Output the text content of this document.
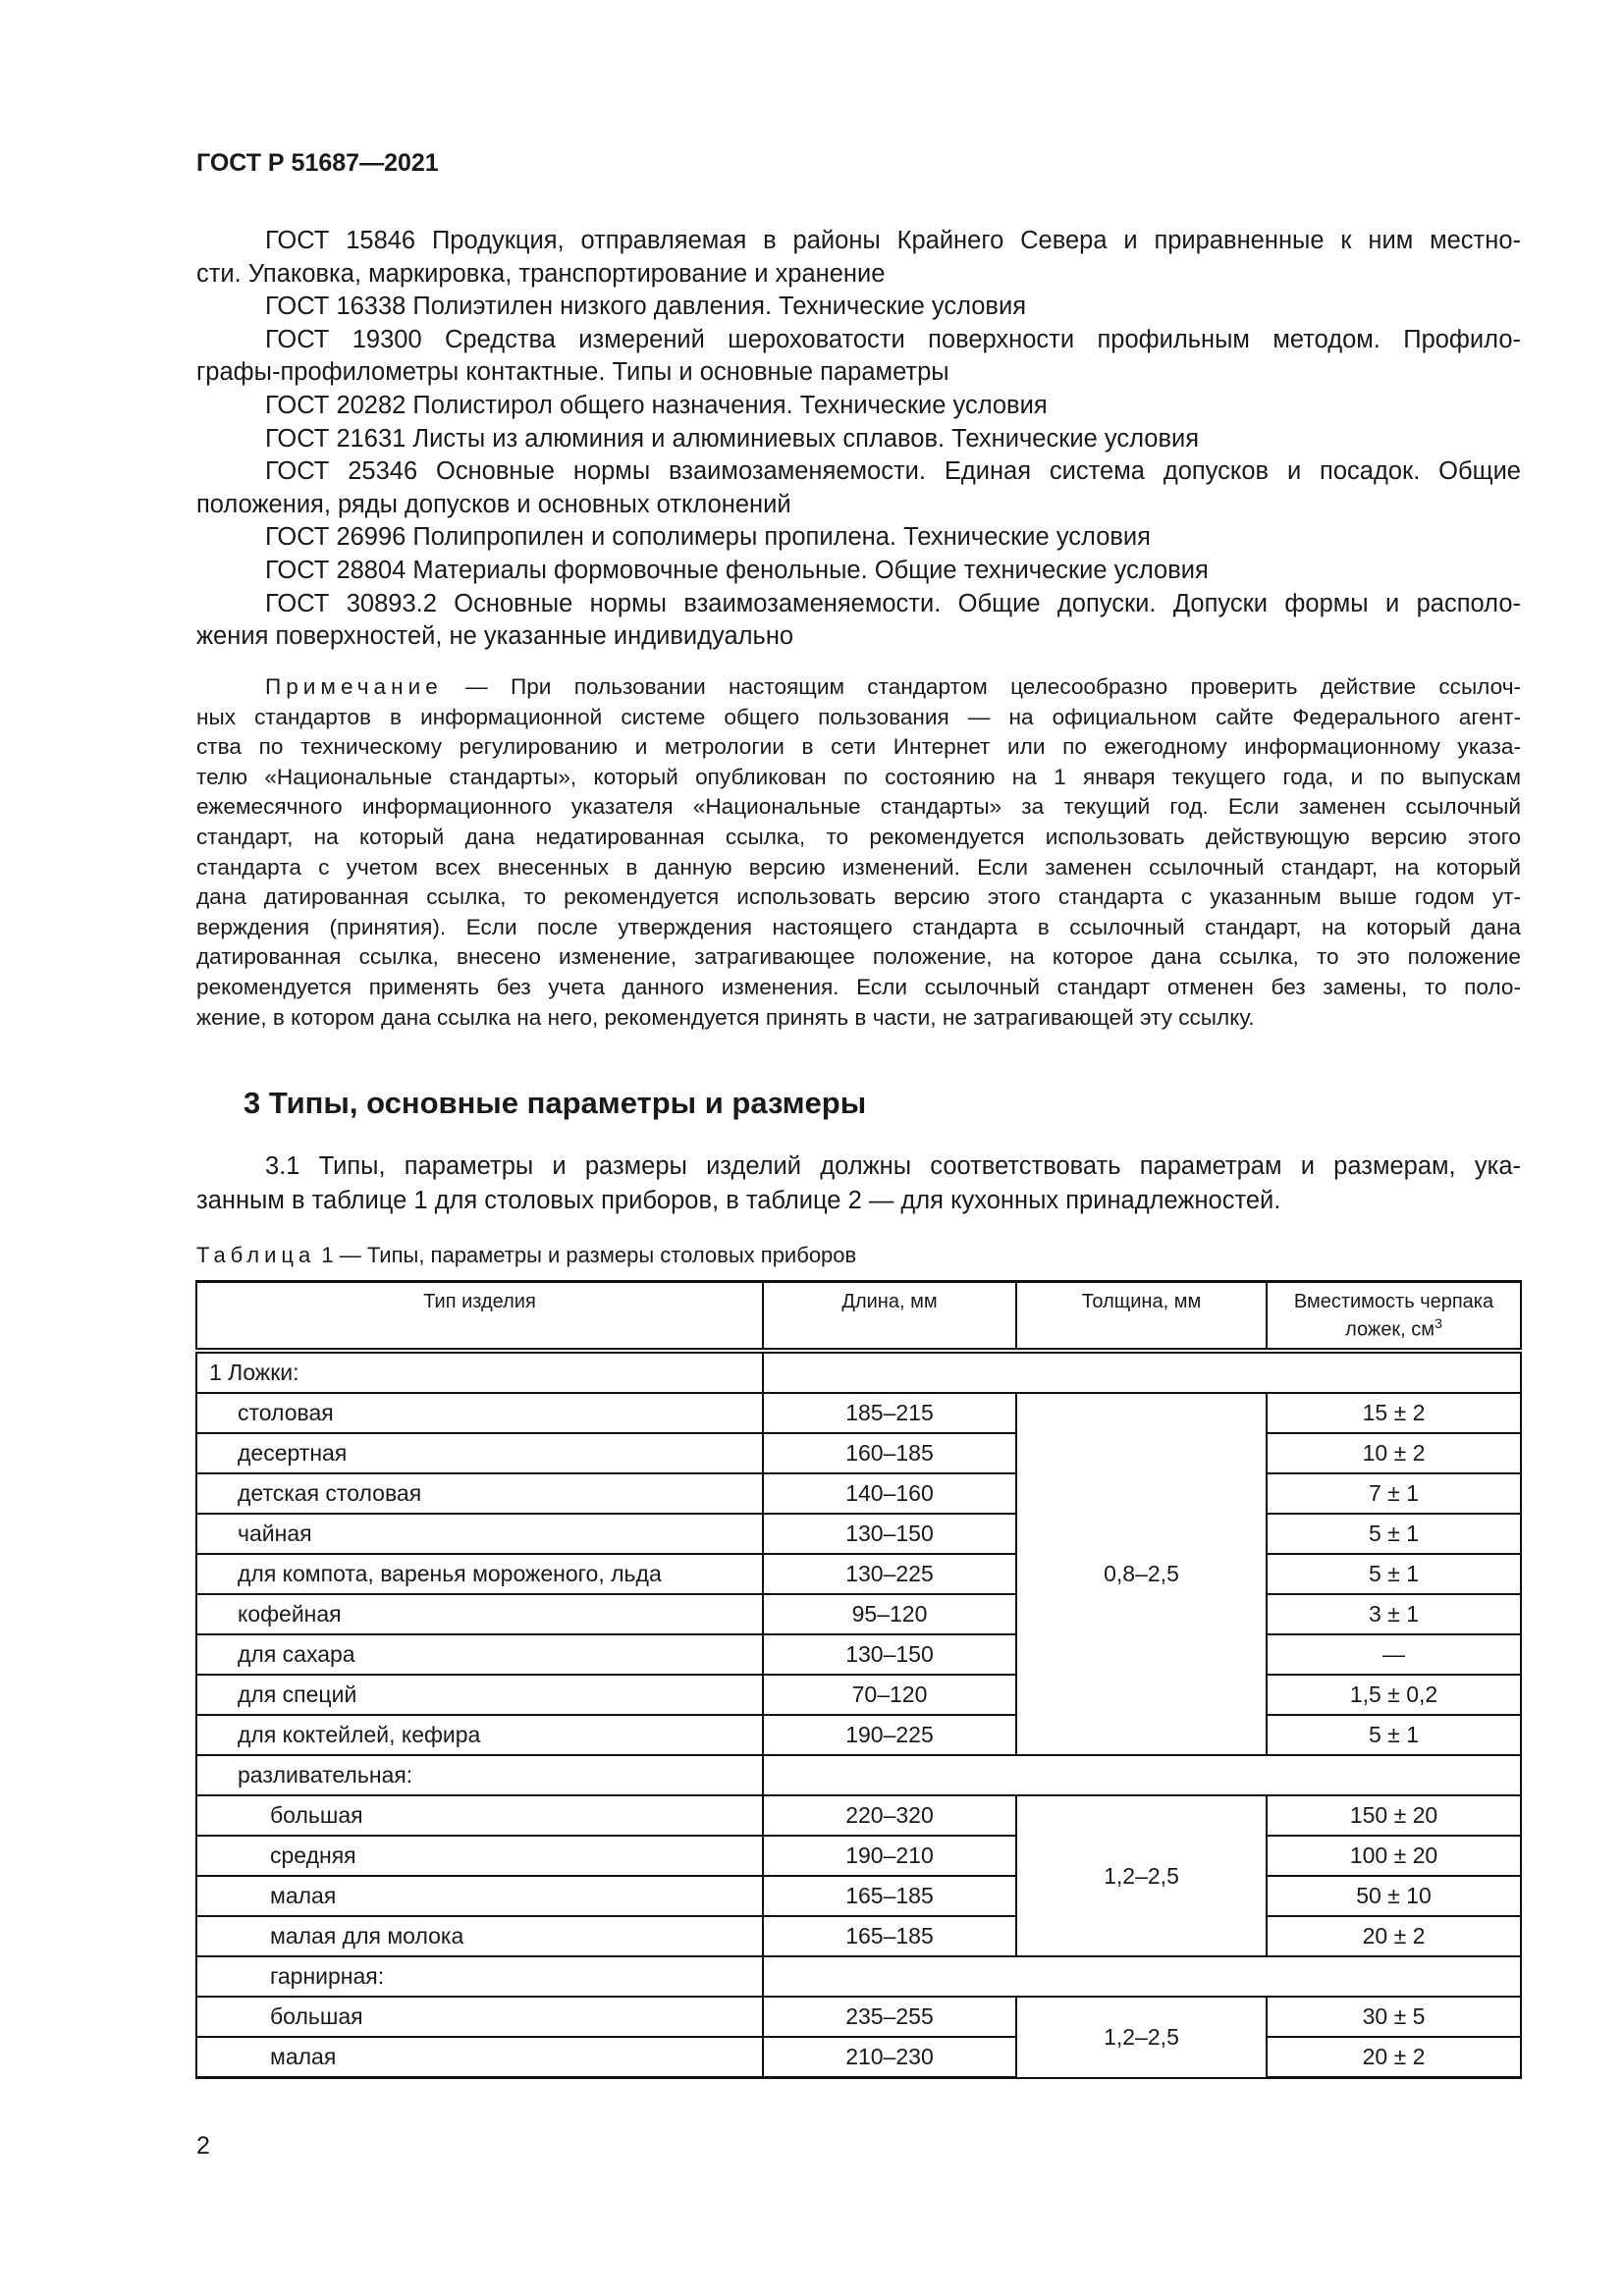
ГОСТ Р 51687—2021
ГОСТ 15846 Продукция, отправляемая в районы Крайнего Севера и приравненные к ним местно-
сти. Упаковка, маркировка, транспортирование и хранение
ГОСТ 16338 Полиэтилен низкого давления. Технические условия
ГОСТ 19300 Средства измерений шероховатости поверхности профильным методом. Профило-
графы-профилометры контактные. Типы и основные параметры
ГОСТ 20282 Полистирол общего назначения. Технические условия
ГОСТ 21631 Листы из алюминия и алюминиевых сплавов. Технические условия
ГОСТ 25346 Основные нормы взаимозаменяемости. Единая система допусков и посадок. Общие
положения, ряды допусков и основных отклонений
ГОСТ 26996 Полипропилен и сополимеры пропилена. Технические условия
ГОСТ 28804 Материалы формовочные фенольные. Общие технические условия
ГОСТ 30893.2 Основные нормы взаимозаменяемости. Общие допуски. Допуски формы и располо-
жения поверхностей, не указанные индивидуально
Примечание — При пользовании настоящим стандартом целесообразно проверить действие ссылоч-
ных стандартов в информационной системе общего пользования — на официальном сайте Федерального агент-
ства по техническому регулированию и метрологии в сети Интернет или по ежегодному информационному указа-
телю «Национальные стандарты», который опубликован по состоянию на 1 января текущего года, и по выпускам
ежемесячного информационного указателя «Национальные стандарты» за текущий год. Если заменен ссылочный
стандарт, на который дана недатированная ссылка, то рекомендуется использовать действующую версию этого
стандарта с учетом всех внесенных в данную версию изменений. Если заменен ссылочный стандарт, на который
дана датированная ссылка, то рекомендуется использовать версию этого стандарта с указанным выше годом ут-
верждения (принятия). Если после утверждения настоящего стандарта в ссылочный стандарт, на который дана
датированная ссылка, внесено изменение, затрагивающее положение, на которое дана ссылка, то это положение
рекомендуется применять без учета данного изменения. Если ссылочный стандарт отменен без замены, то поло-
жение, в котором дана ссылка на него, рекомендуется принять в части, не затрагивающей эту ссылку.
3 Типы, основные параметры и размеры
3.1 Типы, параметры и размеры изделий должны соответствовать параметрам и размерам, ука-
занным в таблице 1 для столовых приборов, в таблице 2 — для кухонных принадлежностей.
Таблица 1 — Типы, параметры и размеры столовых приборов
Тип изделия	Длина, мм	Толщина, мм	Вместимость черпака ложек, $см^3$
1 Ложки:			
столовая	185–215	0,8–2,5	15 ± 2
десертная	160–185		10 ± 2
детская столовая	140–160		7 ± 1
чайная	130–150		5 ± 1
для компота, варенья мороженого, льда	130–225		5 ± 1
кофейная	95–120		3 ± 1
для сахара	130–150		—
для специй	70–120		1,5 ± 0,2
для коктейлей, кефира	190–225		5 ± 1
разливательная:			
большая	220–320	1,2–2,5	150 ± 20
средняя	190–210		100 ± 20
малая	165–185		50 ± 10
малая для молока	165–185		20 ± 2
гарнирная:			
большая	235–255	1,2–2,5	30 ± 5
малая	210–230		20 ± 2
2
